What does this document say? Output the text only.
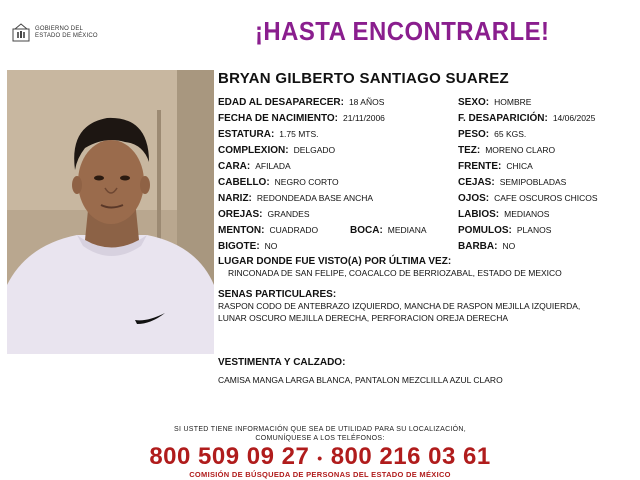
GOBIERNO DEL
ESTADO DE MÉXICO	¡HASTA ENCONTRARLE!
BRYAN GILBERTO SANTIAGO SUAREZ
EDAD AL DESAPARECER: 18 AÑOS
FECHA DE NACIMIENTO: 21/11/2006
ESTATURA: 1.75 MTS.
COMPLEXION: DELGADO
CARA: AFILADA
CABELLO: NEGRO CORTO
NARIZ: REDONDEADA BASE ANCHA
OREJAS: GRANDES
MENTON: CUADRADO
BIGOTE: NO
BOCA: MEDIANA
SEXO: HOMBRE
F. DESAPARICIÓN: 14/06/2025
PESO: 65 KGS.
TEZ: MORENO CLARO
FRENTE: CHICA
CEJAS: SEMIPOBLADAS
OJOS: CAFE OSCUROS CHICOS
LABIOS: MEDIANOS
POMULOS: PLANOS
BARBA: NO
LUGAR DONDE FUE VISTO(A) POR ÚLTIMA VEZ:
RINCONADA DE SAN FELIPE, COACALCO DE BERRIOZABAL, ESTADO DE MEXICO
SENAS PARTICULARES:
RASPON CODO DE ANTEBRAZO IZQUIERDO, MANCHA DE RASPON MEJILLA IZQUIERDA,
LUNAR OSCURO MEJILLA DERECHA, PERFORACION OREJA DERECHA
VESTIMENTA Y CALZADO:
CAMISA MANGA LARGA BLANCA, PANTALON MEZCLILLA AZUL CLARO
SI USTED TIENE INFORMACIÓN QUE SEA DE UTILIDAD PARA SU LOCALIZACIÓN,
COMUNÍQUESE A LOS TELÉFONOS:
800 509 09 27 • 800 216 03 61
COMISIÓN DE BÚSQUEDA DE PERSONAS DEL ESTADO DE MÉXICO
